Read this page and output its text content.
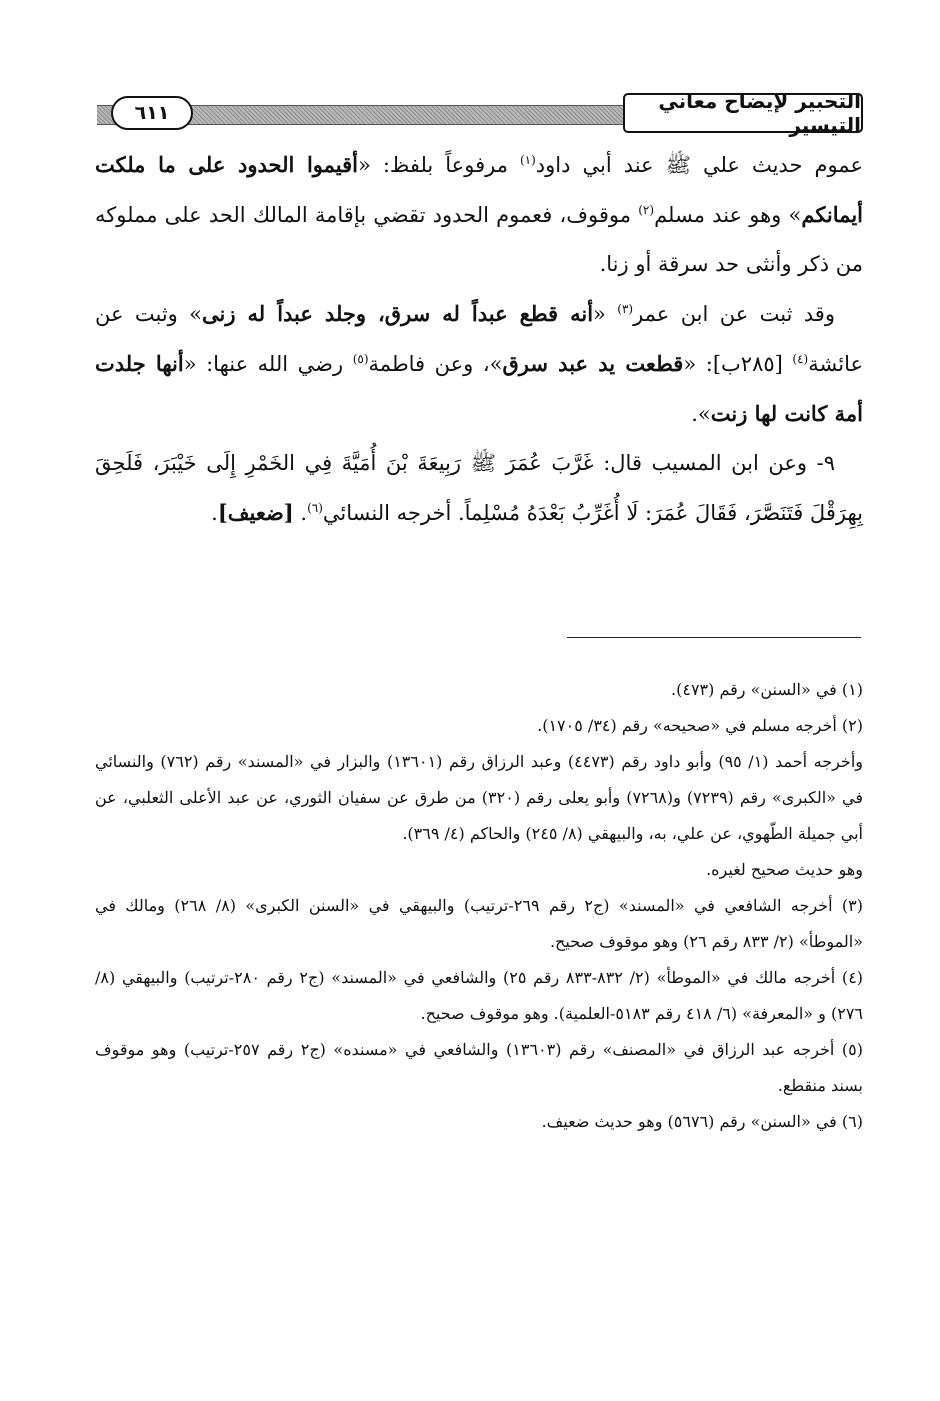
٦١١	التحبير لإيضاح معاني التيسير

عموم حديث علي ﷺ عند أبي داود$^{(١)}$ مرفوعاً بلفظ: «أقيموا الحدود على ما ملكت أيمانكم» وهو عند مسلم$^{(٢)}$ موقوف، فعموم الحدود تقضي بإقامة المالك الحد على مملوكه من ذكر وأنثى حد سرقة أو زنا.

وقد ثبت عن ابن عمر$^{(٣)}$ «أنه قطع عبداً له سرق، وجلد عبداً له زنى» وثبت عن عائشة$^{(٤)}$ [٢٨٥ب]: «قطعت يد عبد سرق»، وعن فاطمة$^{(٥)}$ رضي الله عنها: «أنها جلدت أمة كانت لها زنت».

٩- وعن ابن المسيب قال: غَرَّبَ عُمَرَ ﷺ رَبِيعَةَ بْنَ أُمَيَّةَ فِي الخَمْرِ إِلَى خَيْبَرَ، فَلَحِقَ بِهِرَقْلَ فَتَنَصَّرَ، فَقَالَ عُمَرَ: لَا أُغَرِّبُ بَعْدَهُ مُسْلِماً. أخرجه النسائي$^{(٦)}$. [ضعيف].

(١) في «السنن» رقم (٤٧٣).

(٢) أخرجه مسلم في «صحيحه» رقم (٣٤/ ١٧٠٥).

وأخرجه أحمد (١/ ٩٥) وأبو داود رقم (٤٤٧٣) وعبد الرزاق رقم (١٣٦٠١) والبزار في «المسند» رقم (٧٦٢) والنسائي في «الكبرى» رقم (٧٢٣٩) و(٧٢٦٨) وأبو يعلى رقم (٣٢٠) من طرق عن سفيان الثوري، عن عبد الأعلى الثعلبي، عن أبي جميلة الطّهوي، عن علي، به، والبيهقي (٨/ ٢٤٥) والحاكم (٤/ ٣٦٩).

وهو حديث صحيح لغيره.

(٣) أخرجه الشافعي في «المسند» (ج٢ رقم ٢٦٩-ترتيب) والبيهقي في «السنن الكبرى» (٨/ ٢٦٨) ومالك في «الموطأ» (٢/ ٨٣٣ رقم ٢٦) وهو موقوف صحيح.

(٤) أخرجه مالك في «الموطأ» (٢/ ٨٣٢-٨٣٣ رقم ٢٥) والشافعي في «المسند» (ج٢ رقم ٢٨٠-ترتيب) والبيهقي (٨/ ٢٧٦) و «المعرفة» (٦/ ٤١٨ رقم ٥١٨٣-العلمية). وهو موقوف صحيح.

(٥) أخرجه عبد الرزاق في «المصنف» رقم (١٣٦٠٣) والشافعي في «مسنده» (ج٢ رقم ٢٥٧-ترتيب) وهو موقوف بسند منقطع.

(٦) في «السنن» رقم (٥٦٧٦) وهو حديث ضعيف.
